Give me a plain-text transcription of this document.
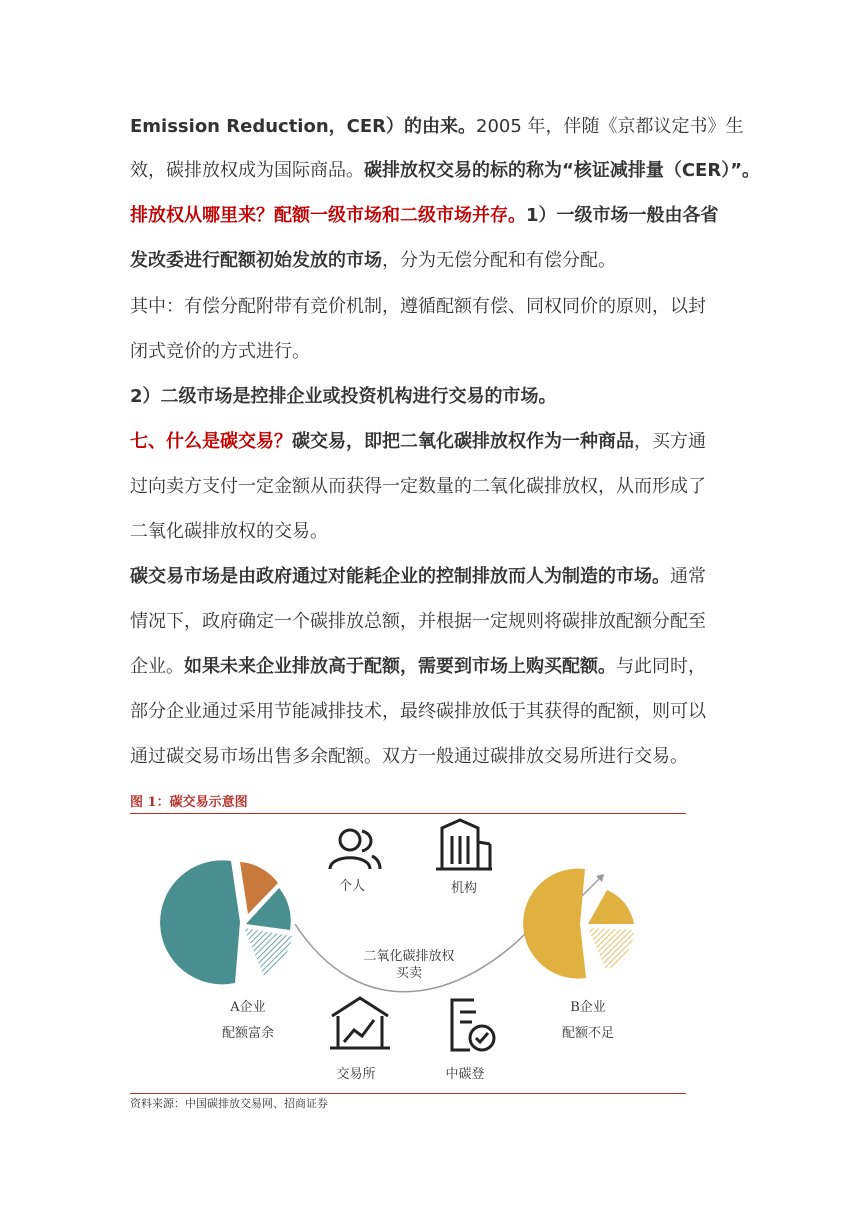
Emission Reduction，CER）的由来。2005 年，伴随《京都议定书》生
效，碳排放权成为国际商品。碳排放权交易的标的称为“核证减排量（CER）”。
排放权从哪里来？配额一级市场和二级市场并存。1）一级市场一般由各省
发改委进行配额初始发放的市场，分为无偿分配和有偿分配。
其中：有偿分配附带有竞价机制，遵循配额有偿、同权同价的原则，以封
闭式竞价的方式进行。
2）二级市场是控排企业或投资机构进行交易的市场。
七、什么是碳交易？碳交易，即把二氧化碳排放权作为一种商品，买方通
过向卖方支付一定金额从而获得一定数量的二氧化碳排放权，从而形成了
二氧化碳排放权的交易。
碳交易市场是由政府通过对能耗企业的控制排放而人为制造的市场。通常
情况下，政府确定一个碳排放总额，并根据一定规则将碳排放配额分配至
企业。如果未来企业排放高于配额，需要到市场上购买配额。与此同时，
部分企业通过采用节能减排技术，最终碳排放低于其获得的配额，则可以
通过碳交易市场出售多余配额。双方一般通过碳排放交易所进行交易。
图 1：碳交易示意图
个人	机构
二氧化碳排放权
买卖
A企业
配额富余
B企业
配额不足
交易所	中碳登
资料来源：中国碳排放交易网、招商证券
